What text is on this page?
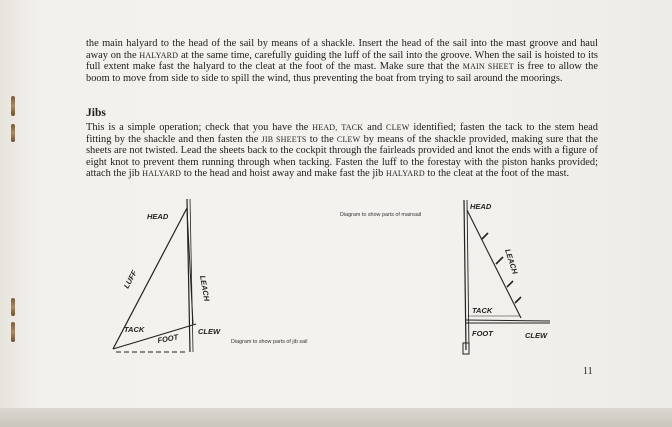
the main halyard to the head of the sail by means of a shackle. Insert the head of the sail into the mast groove and haul away on the HALYARD at the same time, carefully guiding the luff of the sail into the groove. When the sail is hoisted to its full extent make fast the halyard to the cleat at the foot of the mast. Make sure that the MAIN SHEET is free to allow the boom to move from side to side to spill the wind, thus preventing the boat from trying to sail around the moorings.
Jibs
This is a simple operation; check that you have the HEAD, TACK and CLEW identified; fasten the tack to the stem head fitting by the shackle and then fasten the JIB SHEETS to the CLEW by means of the shackle provided, making sure that the sheets are not twisted. Lead the sheets back to the cockpit through the fairleads provided and knot the ends with a figure of eight knot to prevent them running through when tacking. Fasten the luff to the forestay with the piston hanks provided; attach the jib HALYARD to the head and hoist away and make fast the jib HALYARD to the cleat at the foot of the mast.
HEAD
LUFF	LEACH
TACK
FOOT
CLEW
Diagram to show parts of jib sail
HEAD
LEACH
TACK
FOOT	CLEW
Diagram to show parts of mainsail
11
